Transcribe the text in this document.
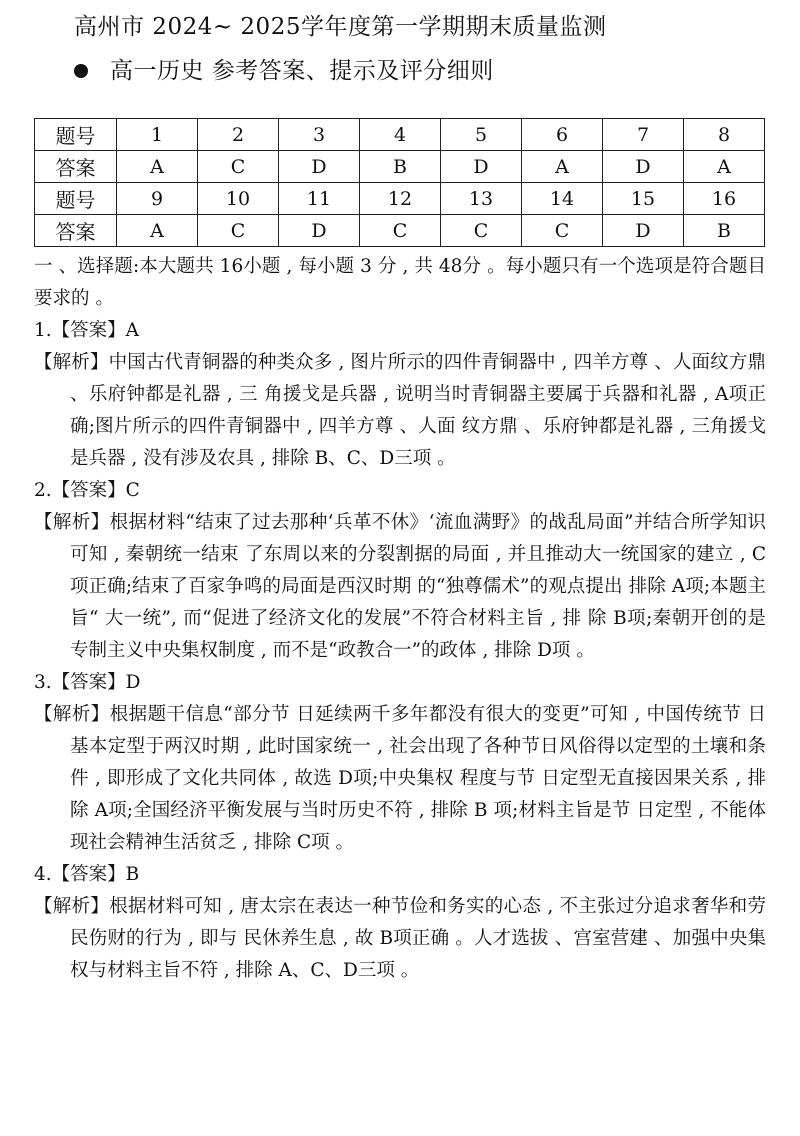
高州市 2024~ 2025学年度第一学期期末质量监测
高一历史 参考答案、提示及评分细则
题号	1	2	3	4	5	6	7	8
答案	A	C	D	B	D	A	D	A
题号	9	10	11	12	13	14	15	16
答案	A	C	D	C	C	C	D	B
一 、选择题:本大题共 16小题 , 每小题 3 分 , 共 48分 。每小题只有一个选项是符合题目要求的 。
1.【答案】A
【解析】中国古代青铜器的种类众多 , 图片所示的四件青铜器中 , 四羊方尊 、人面纹方鼎 、乐府钟都是礼器 , 三 角援戈是兵器 , 说明当时青铜器主要属于兵器和礼器 , A项正确;图片所示的四件青铜器中 , 四羊方尊 、人面 纹方鼎 、乐府钟都是礼器 , 三角援戈是兵器 , 没有涉及农具 , 排除 B、C、D三项 。
2.【答案】C
【解析】根据材料“结束了过去那种‘兵革不休》‘流血满野》的战乱局面”并结合所学知识可知 , 秦朝统一结束 了东周以来的分裂割据的局面 , 并且推动大一统国家的建立 , C 项正确;结束了百家争鸣的局面是西汉时期 的“独尊儒术”的观点提出 排除 A项;本题主旨“ 大一统”, 而“促进了经济文化的发展”不符合材料主旨 , 排 除 B项;秦朝开创的是专制主义中央集权制度 , 而不是“政教合一”的政体 , 排除 D项 。
3.【答案】D
【解析】根据题干信息“部分节 日延续两千多年都没有很大的变更”可知 , 中国传统节 日基本定型于两汉时期 , 此时国家统一 , 社会出现了各种节日风俗得以定型的土壤和条件 , 即形成了文化共同体 , 故选 D项;中央集权 程度与节 日定型无直接因果关系 , 排除 A项;全国经济平衡发展与当时历史不符 , 排除 B 项;材料主旨是节 日定型 , 不能体现社会精神生活贫乏 , 排除 C项 。
4.【答案】B
【解析】根据材料可知 , 唐太宗在表达一种节俭和务实的心态 , 不主张过分追求奢华和劳民伤财的行为 , 即与 民休养生息 , 故 B项正确 。人才选拔 、宫室营建 、加强中央集权与材料主旨不符 , 排除 A、C、D三项 。
